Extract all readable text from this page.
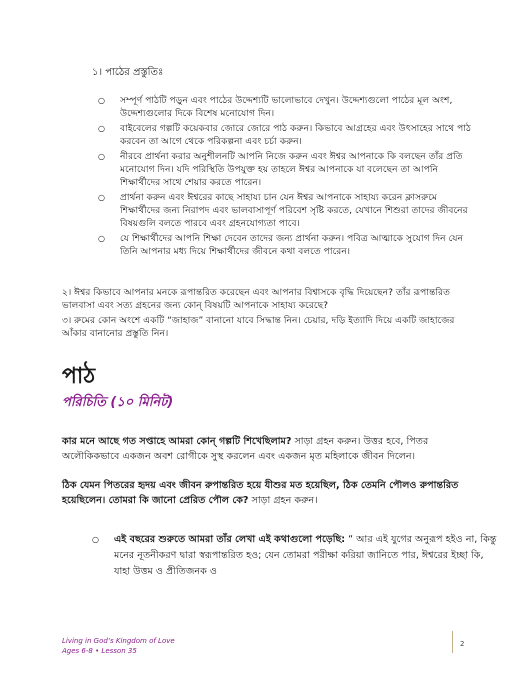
১। পাঠের প্রস্তুতিঃ
○ সম্পূর্ণ পাঠটি পড়ুন এবং পাঠের উদ্দেশ্যটি ভালোভাবে দেখুন। উদ্দেশ্যগুলো পাঠের মূল অংশ, উদ্দেশ্যগুলোর দিকে বিশেষ মনোযোগ দিন।
○ বাইবেলের গল্পটি কয়েকবার জোরে জোরে পাঠ করুন। কিভাবে আগ্রহের এবং উৎসাহের সাথে পাঠ করবেন তা আগে থেকে পরিকল্পনা এবং চর্চা করুন।
○ নীরবে প্রার্থনা করার অনুশীলনটি আপনি নিজে করুন এবং ঈশ্বর আপনাকে কি বলছেন তাঁর প্রতি মনোযোগ দিন। যদি পরিস্থিতি উপযুক্ত হয় তাহলে ঈশ্বর আপনাকে যা বলেছেন তা আপনি শিক্ষার্থীদের সাথে শেয়ার করতে পারেন।
○ প্রার্থনা করুন এবং ঈশ্বরের কাছে সাহায্য চান যেন ঈশ্বর আপনাকে সাহায্য করেন ক্লাসরুমে শিক্ষার্থীদের জন্য নিরাপদ এবং ভালবাসাপূর্ণ পরিবেশ সৃষ্টি করতে, যেখানে শিশুরা তাদের জীবনের বিষয়গুলি বলতে পারবে এবং গ্রহনযোগ্যতা পাবে।
○ যে শিক্ষার্থীদের আপনি শিক্ষা দেবেন তাদের জন্য প্রার্থনা করুন। পবিত্র আত্মাকে সুযোগ দিন যেন তিনি আপনার মধ্য দিয়ে শিক্ষার্থীদের জীবনে কথা বলতে পারেন।

২। ঈশ্বর কিভাবে আপনার মনকে রূপান্তরিত করেছেন এবং আপনার বিশ্বাসকে বৃদ্ধি দিয়েছেন? তাঁর রূপান্তরিত ভালবাসা এবং সত্য গ্রহনের জন্য কোন্ বিষয়টি আপনাকে সাহায্য করেছে?

৩। রুমের কোন অংশে একটি “জাহাজ” বানানো যাবে সিদ্ধান্ত নিন। চেয়ার, দড়ি ইত্যাদি দিয়ে একটি জাহাজের আঁকার বানানোর প্রস্তুতি নিন।

পাঠ
পরিচিতি (১০ মিনিট)

কার মনে আছে গত সপ্তাহে আমরা কোন্ গল্পটি শিখেছিলাম? সাড়া গ্রহন করুন। উত্তর হবে, পিতর অলৌকিকভাবে একজন অবশ রোগীকে সুস্থ করলেন এবং একজন মৃত মহিলাকে জীবন দিলেন।

ঠিক যেমন পিতরের হৃদয় এবং জীবন রুপান্তরিত হয়ে যীশুর মত হয়েছিল, ঠিক তেমনি পৌলও রুপান্তরিত হয়েছিলেন। তোমরা কি জানো প্রেরিত পৌল কে? সাড়া গ্রহন করুন।

○ এই বছরের শুরুতে আমরা তাঁর লেখা এই কথাগুলো পড়েছি: “ আর এই যুগের অনুরূপ হইও না, কিন্তু মনের নূতনীকরণ দ্বারা স্বরূপান্তরিত হও; যেন তোমরা পরীক্ষা করিয়া জানিতে পার, ঈশ্বরের ইচ্ছা কি, যাহা উত্তম ও প্রীতিজনক ও
Living in God’s Kingdom of Love
Ages 6-8 • Lesson 35
2
